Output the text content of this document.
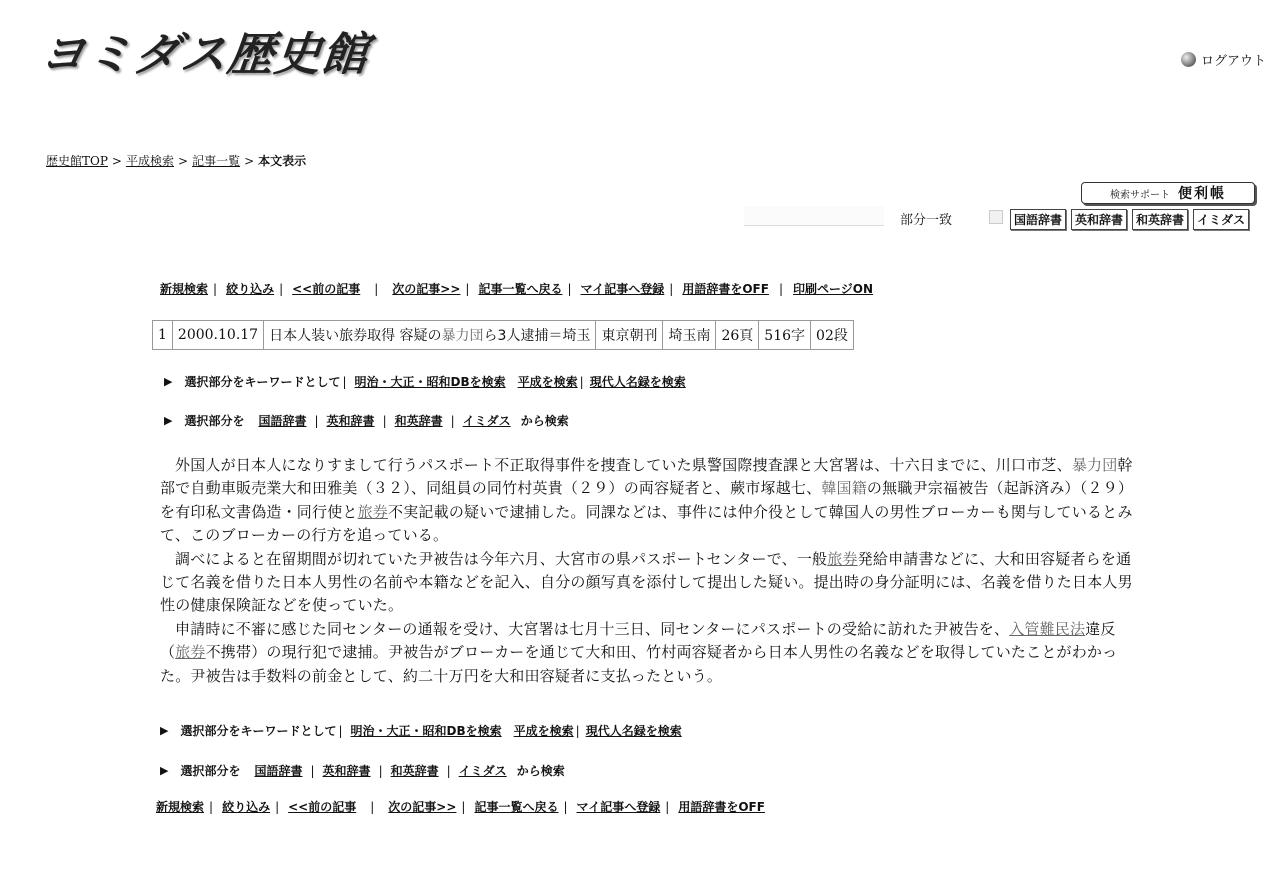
ヨミダス歴史館	ログアウト
歴史館TOP > 平成検索 > 記事一覧 > 本文表示
検索サポート 便利帳
部分一致	国語辞書	英和辞書	和英辞書	イミダス
新規検索 | 絞り込み | <<前の記事 | 次の記事>> | 記事一覧へ戻る | マイ記事へ登録 | 用語辞書をOFF | 印刷ページON
1	2000.10.17	日本人装い旅券取得 容疑の暴力団ら3人逮捕＝埼玉	東京朝刊	埼玉南	26頁	516字	02段
▶ 選択部分をキーワードとして | 明治・大正・昭和DBを検索 平成を検索 | 現代人名録を検索
▶ 選択部分を 国語辞書 | 英和辞書 | 和英辞書 | イミダス から検索

外国人が日本人になりすまして行うパスポート不正取得事件を捜査していた県警国際捜査課と大宮署は、十六日までに、川口市芝、暴力団幹部で自動車販売業大和田雅美（３２）、同組員の同竹村英貴（２９）の両容疑者と、蕨市塚越七、韓国籍の無職尹宗福被告（起訴済み）（２９）を有印私文書偽造・同行使と旅券不実記載の疑いで逮捕した。同課などは、事件には仲介役として韓国人の男性ブローカーも関与しているとみて、このブローカーの行方を追っている。

調べによると在留期間が切れていた尹被告は今年六月、大宮市の県パスポートセンターで、一般旅券発給申請書などに、大和田容疑者らを通じて名義を借りた日本人男性の名前や本籍などを記入、自分の顔写真を添付して提出した疑い。提出時の身分証明には、名義を借りた日本人男性の健康保険証などを使っていた。

申請時に不審に感じた同センターの通報を受け、大宮署は七月十三日、同センターにパスポートの受給に訪れた尹被告を、入管難民法違反（旅券不携帯）の現行犯で逮捕。尹被告がブローカーを通じて大和田、竹村両容疑者から日本人男性の名義などを取得していたことがわかった。尹被告は手数料の前金として、約二十万円を大和田容疑者に支払ったという。

▶ 選択部分をキーワードとして | 明治・大正・昭和DBを検索 平成を検索 | 現代人名録を検索
▶ 選択部分を 国語辞書 | 英和辞書 | 和英辞書 | イミダス から検索
新規検索 | 絞り込み | <<前の記事 | 次の記事>> | 記事一覧へ戻る | マイ記事へ登録 | 用語辞書をOFF
